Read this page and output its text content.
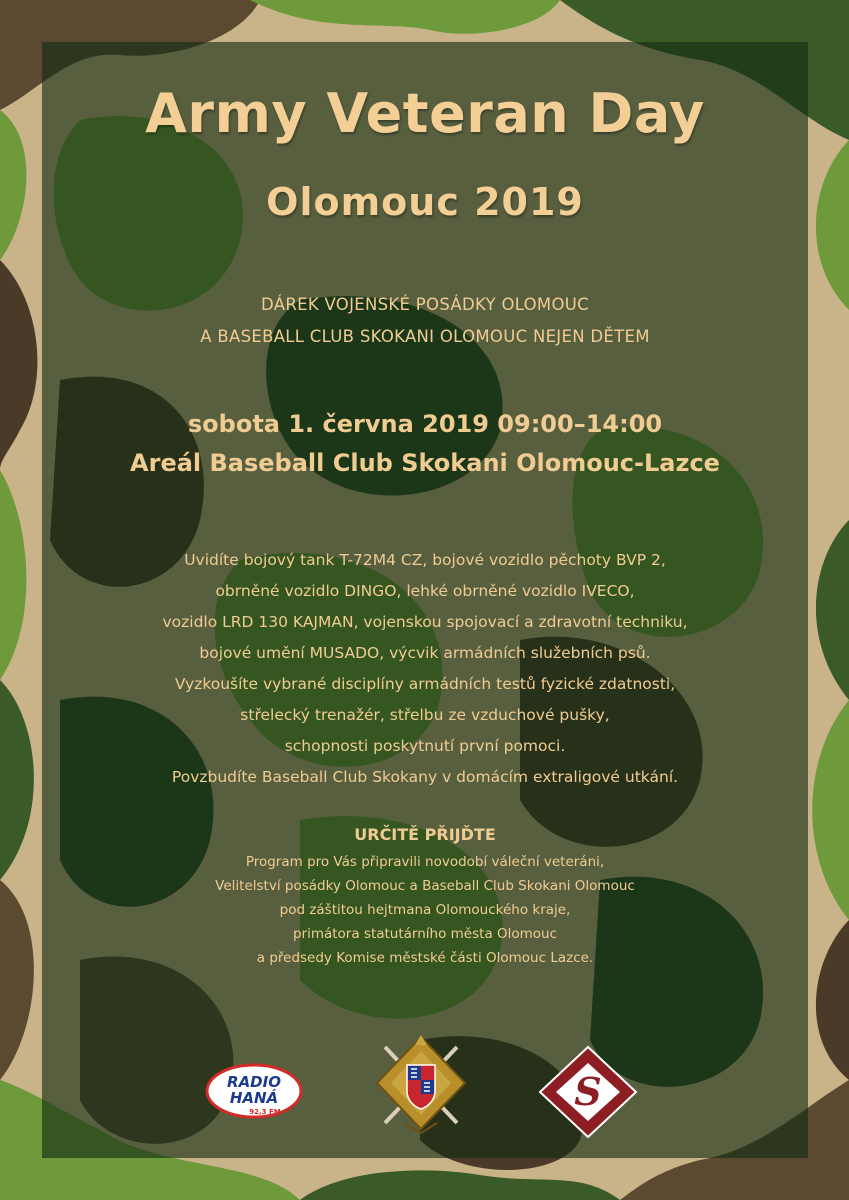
Army Veteran Day
Olomouc 2019
DÁREK VOJENSKÉ POSÁDKY OLOMOUC
A BASEBALL CLUB SKOKANI OLOMOUC NEJEN DĚTEM
sobota 1. června 2019 09:00–14:00
Areál Baseball Club Skokani Olomouc-Lazce
Uvidíte bojový tank T-72M4 CZ, bojové vozidlo pěchoty BVP 2,
obrněné vozidlo DINGO, lehké obrněné vozidlo IVECO,
vozidlo LRD 130 KAJMAN, vojenskou spojovací a zdravotní techniku,
bojové umění MUSADO, výcvik armádních služebních psů.
Vyzkoušíte vybrané disciplíny armádních testů fyzické zdatnosti,
střelecký trenažér, střelbu ze vzduchové pušky,
schopnosti poskytnutí první pomoci.
Povzbudíte Baseball Club Skokany v domácím extraligové utkání.
URČITĚ PŘIJĎTE
Program pro Vás připravili novodobí váleční veteráni,
Velitelství posádky Olomouc a Baseball Club Skokani Olomouc
pod záštitou hejtmana Olomouckého kraje,
primátora statutárního města Olomouc
a předsedy Komise městské části Olomouc Lazce.
RADIO
HANÁ
92,3 FM	S
